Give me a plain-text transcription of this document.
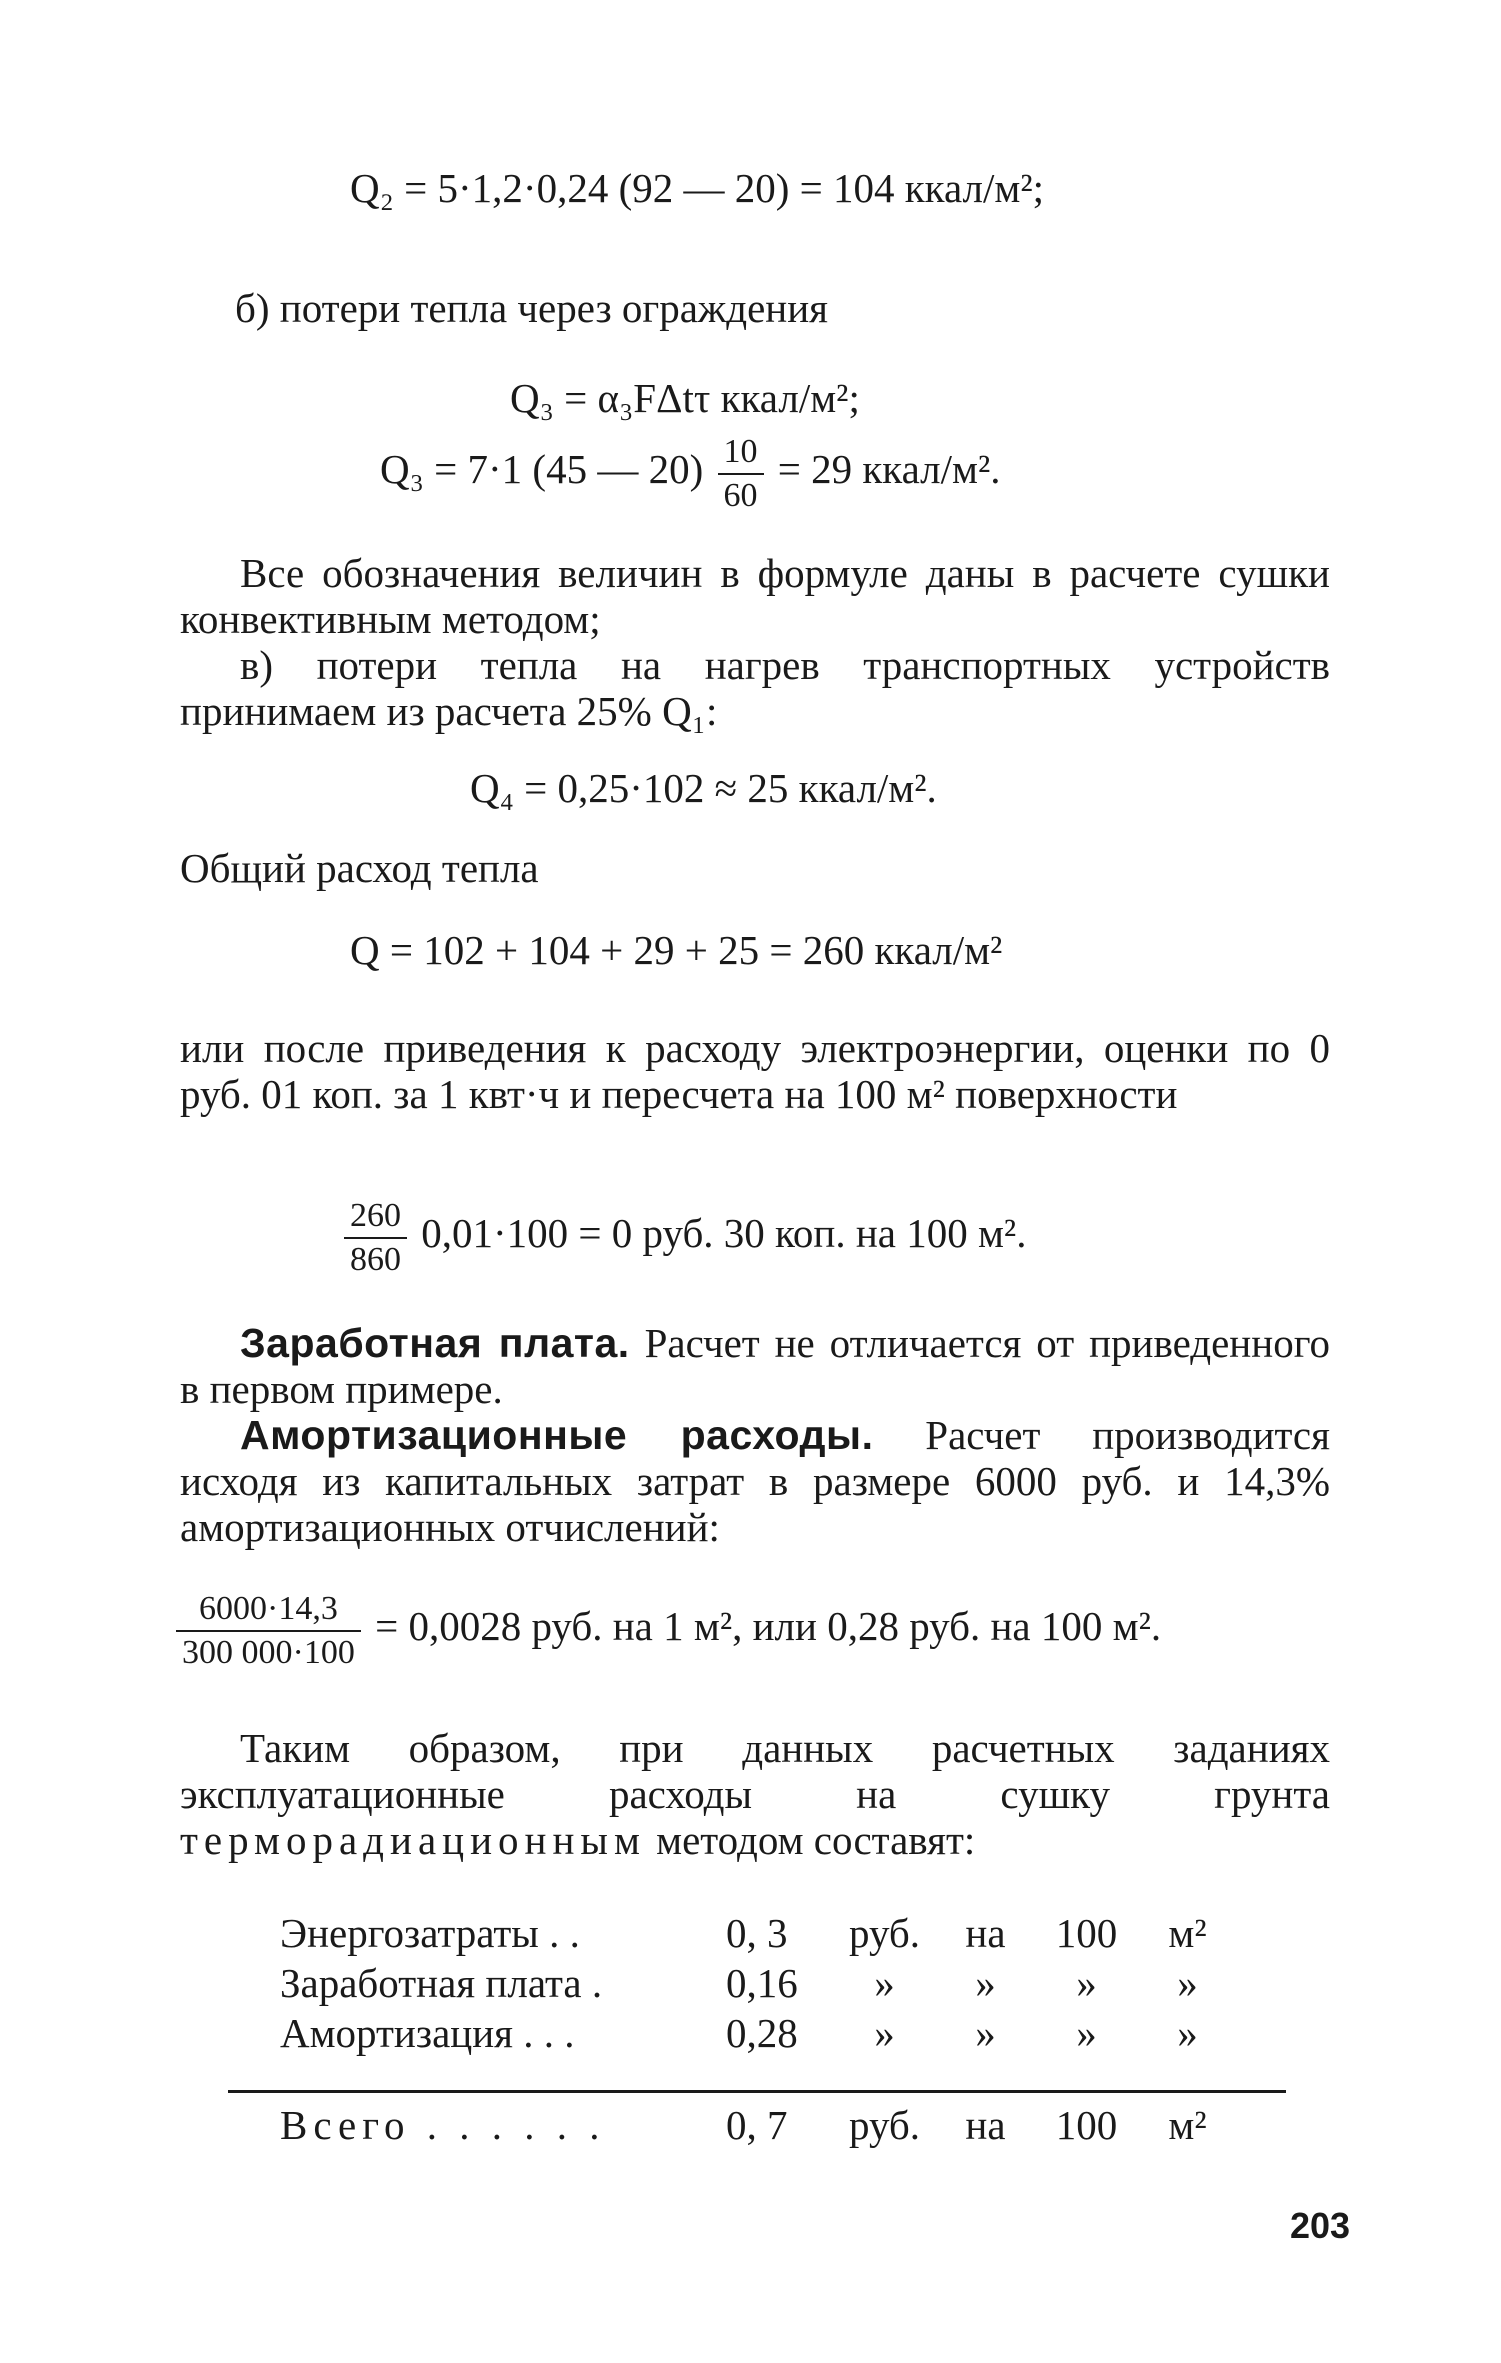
Q₂ = 5·1,2·0,24 (92 — 20) = 104 ккал/м²;
б) потери тепла через ограждения
Q₃ = α₃FΔtτ ккал/м²;
Q₃ = 7·1 (45 — $20) \frac{10}{60} = 29$ ккал/м².

Все обозначения величин в формуле даны в расчете сушки конвективным методом;

в) потери тепла на нагрев транспортных устройств принимаем из расчета 25% Q₁:

Q₄ = 0,25·102 ≈ 25 ккал/м².
Общий расход тепла
Q = 102 + 104 + 29 + 25 = 260 ккал/м²

или после приведения к расходу электроэнергии, оценки по 0 руб. 01 коп. за 1 квт·ч и пересчета на 100 м² поверхности

$\frac{260}{860} 0,01\cdot 100 = 0$ руб. 30 коп. на 100 м².

Заработная плата. Расчет не отличается от приведенного в первом примере.

Амортизационные расходы. Расчет производится исходя из капитальных затрат в размере 6000 руб. и 14,3% амортизационных отчислений:

$\frac{6000\cdot 14,3}{300 000\cdot 100} = 0,0028$ руб. на 1 м², или 0,28 руб. на 100 м².

Таким образом, при данных расчетных заданиях эксплуатационные расходы на сушку грунта терморадиационным методом составят:

Энергозатраты . .	0, 3	руб.	на	100	м²
Заработная плата .	0,16	»	»	»	»
Амортизация . . .	0,28	»	»	»	»
Всего . . . . . .	0, 7	руб.	на	100	м²
203
